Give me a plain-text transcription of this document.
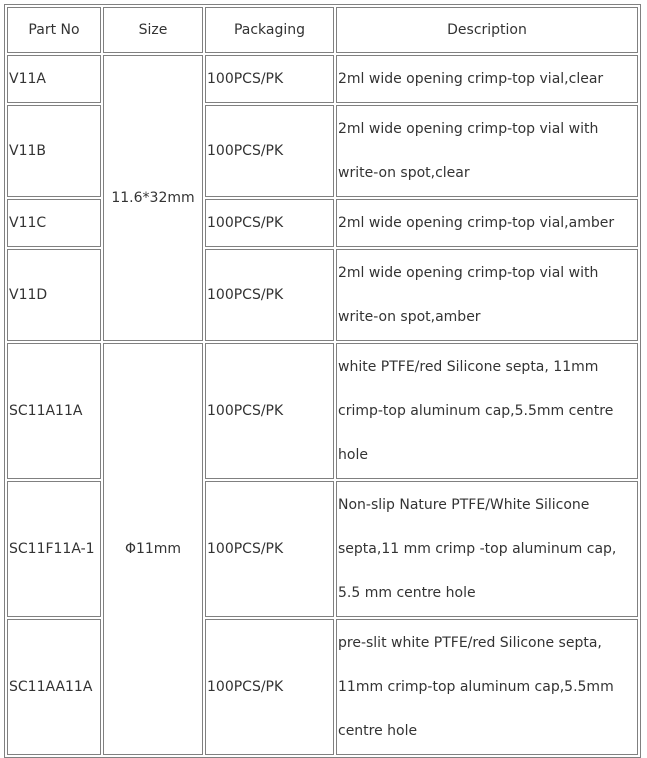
Part No	Size	Packaging	Description
V11A	11.6*32mm	100PCS/PK	2ml wide opening crimp-top vial,clear
V11B		100PCS/PK	2ml wide opening crimp-top vial with write-on spot,clear
V11C		100PCS/PK	2ml wide opening crimp-top vial,amber
V11D		100PCS/PK	2ml wide opening crimp-top vial with write-on spot,amber
SC11A11A	Φ11mm	100PCS/PK	white PTFE/red Silicone septa, 11mm crimp-top aluminum cap,5.5mm centre hole
SC11F11A-1		100PCS/PK	Non-slip Nature PTFE/White Silicone septa,11 mm crimp -top aluminum cap, 5.5 mm centre hole
SC11AA11A		100PCS/PK	pre-slit white PTFE/red Silicone septa, 11mm crimp-top aluminum cap,5.5mm centre hole
